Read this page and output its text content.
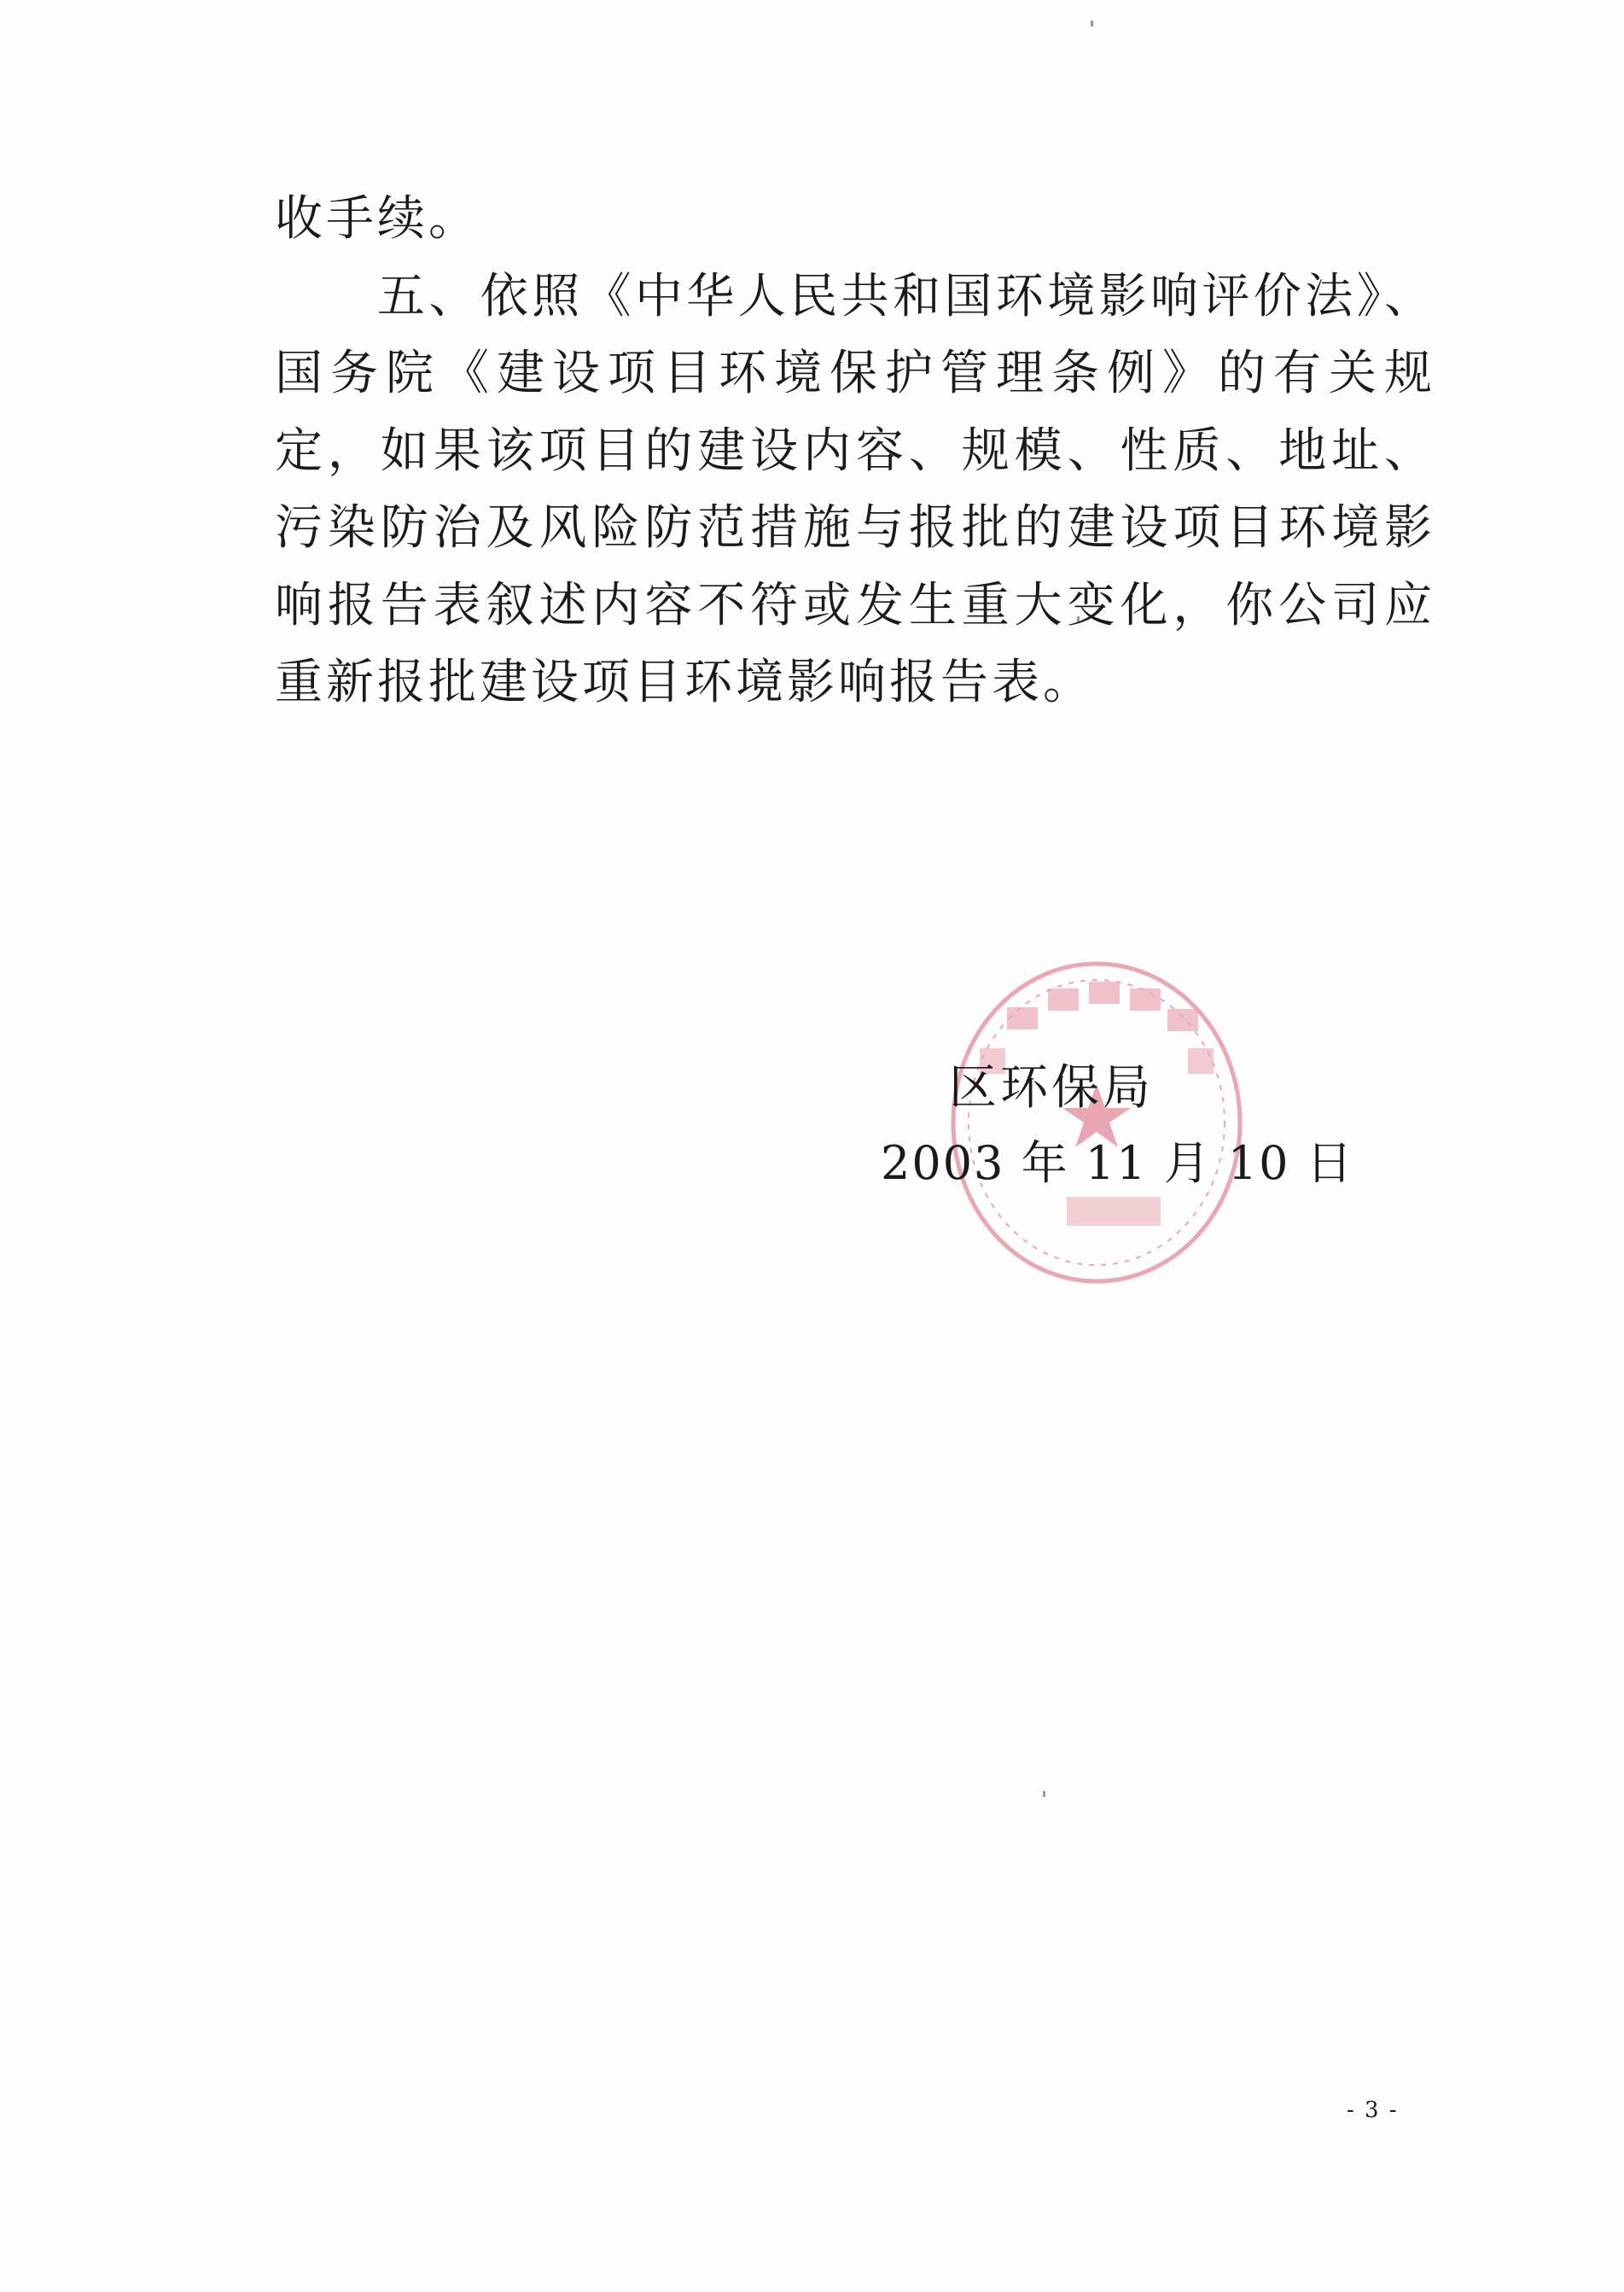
收手续。

五、依照《中华人民共和国环境影响评价法》、国务院《建设项目环境保护管理条例》的有关规定，如果该项目的建设内容、规模、性质、地址、污染防治及风险防范措施与报批的建设项目环境影响报告表叙述内容不符或发生重大变化，你公司应重新报批建设项目环境影响报告表。

区环保局
2003 年 11 月 10 日
- 3 -
